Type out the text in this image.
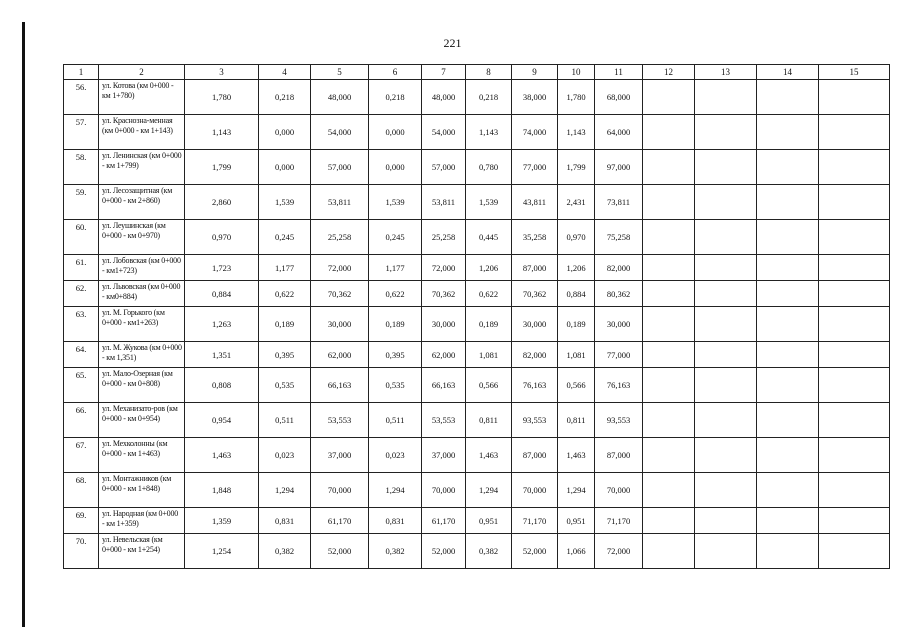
221
1	2	3	4	5	6	7	8	9	10	11	12	13	14	15
56.	ул. Котова (км 0+000 - км 1+780)	1,780	0,218	48,000	0,218	48,000	0,218	38,000	1,780	68,000				
57.	ул. Краснозна-менная (км 0+000 - км 1+143)	1,143	0,000	54,000	0,000	54,000	1,143	74,000	1,143	64,000				
58.	ул. Ленинская (км 0+000 - км 1+799)	1,799	0,000	57,000	0,000	57,000	0,780	77,000	1,799	97,000				
59.	ул. Лесозащитная (км 0+000 - км 2+860)	2,860	1,539	53,811	1,539	53,811	1,539	43,811	2,431	73,811				
60.	ул. Леушинская (км 0+000 - км 0+970)	0,970	0,245	25,258	0,245	25,258	0,445	35,258	0,970	75,258				
61.	ул. Лобовская (км 0+000 - км1+723)	1,723	1,177	72,000	1,177	72,000	1,206	87,000	1,206	82,000				
62.	ул. Львовская (км 0+000 - км0+884)	0,884	0,622	70,362	0,622	70,362	0,622	70,362	0,884	80,362				
63.	ул. М. Горького (км 0+000 - км1+263)	1,263	0,189	30,000	0,189	30,000	0,189	30,000	0,189	30,000				
64.	ул. М. Жукова (км 0+000 - км 1,351)	1,351	0,395	62,000	0,395	62,000	1,081	82,000	1,081	77,000				
65.	ул. Мало-Озерная (км 0+000 - км 0+808)	0,808	0,535	66,163	0,535	66,163	0,566	76,163	0,566	76,163				
66.	ул. Механизато-ров (км 0+000 - км 0+954)	0,954	0,511	53,553	0,511	53,553	0,811	93,553	0,811	93,553				
67.	ул. Мехколонны (км 0+000 - км 1+463)	1,463	0,023	37,000	0,023	37,000	1,463	87,000	1,463	87,000				
68.	ул. Монтажников (км 0+000 - км 1+848)	1,848	1,294	70,000	1,294	70,000	1,294	70,000	1,294	70,000				
69.	ул. Народная (км 0+000 - км 1+359)	1,359	0,831	61,170	0,831	61,170	0,951	71,170	0,951	71,170				
70.	ул. Невельская (км 0+000 - км 1+254)	1,254	0,382	52,000	0,382	52,000	0,382	52,000	1,066	72,000				
